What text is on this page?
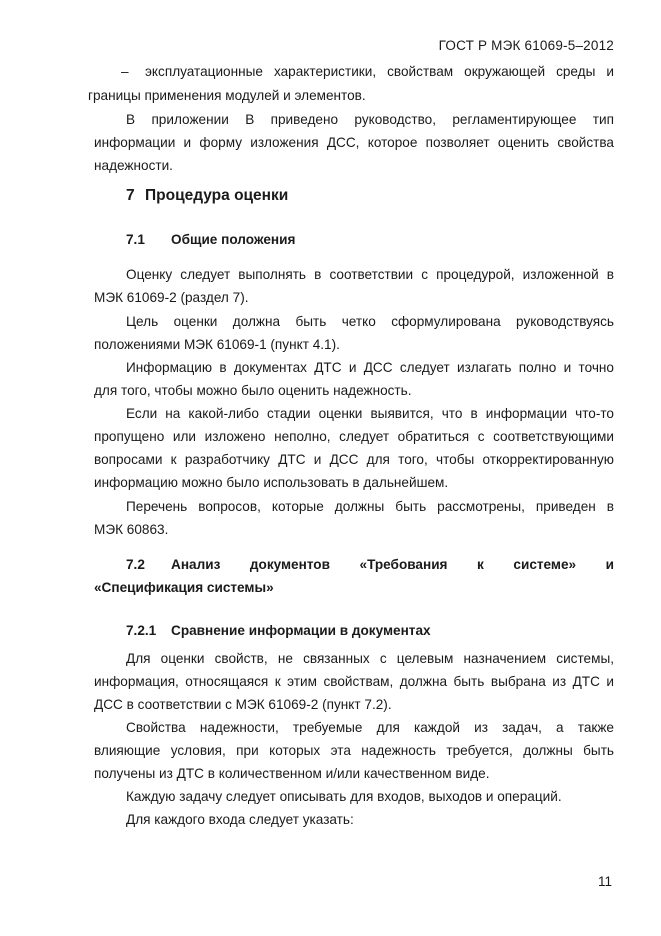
ГОСТ Р МЭК 61069-5–2012
– эксплуатационные характеристики, свойствам окружающей среды и
границы применения модулей и элементов.
В приложении В приведено руководство, регламентирующее тип
информации и форму изложения ДСС, которое позволяет оценить свойства
надежности.
7 Процедура оценки
7.1 Общие положения
Оценку следует выполнять в соответствии с процедурой, изложенной в
МЭК 61069-2 (раздел 7).
Цель оценки должна быть четко сформулирована руководствуясь
положениями МЭК 61069-1 (пункт 4.1).
Информацию в документах ДТС и ДСС следует излагать полно и точно
для того, чтобы можно было оценить надежность.
Если на какой-либо стадии оценки выявится, что в информации что-то
пропущено или изложено неполно, следует обратиться с соответствующими
вопросами к разработчику ДТС и ДСС для того, чтобы откорректированную
информацию можно было использовать в дальнейшем.
Перечень вопросов, которые должны быть рассмотрены, приведен в
МЭК 60863.
7.2 Анализ документов «Требования к системе» и
«Спецификация системы»
7.2.1 Сравнение информации в документах
Для оценки свойств, не связанных с целевым назначением системы,
информация, относящаяся к этим свойствам, должна быть выбрана из ДТС и
ДСС в соответствии с МЭК 61069-2 (пункт 7.2).
Свойства надежности, требуемые для каждой из задач, а также
влияющие условия, при которых эта надежность требуется, должны быть
получены из ДТС в количественном и/или качественном виде.
Каждую задачу следует описывать для входов, выходов и операций.
Для каждого входа следует указать:
11
